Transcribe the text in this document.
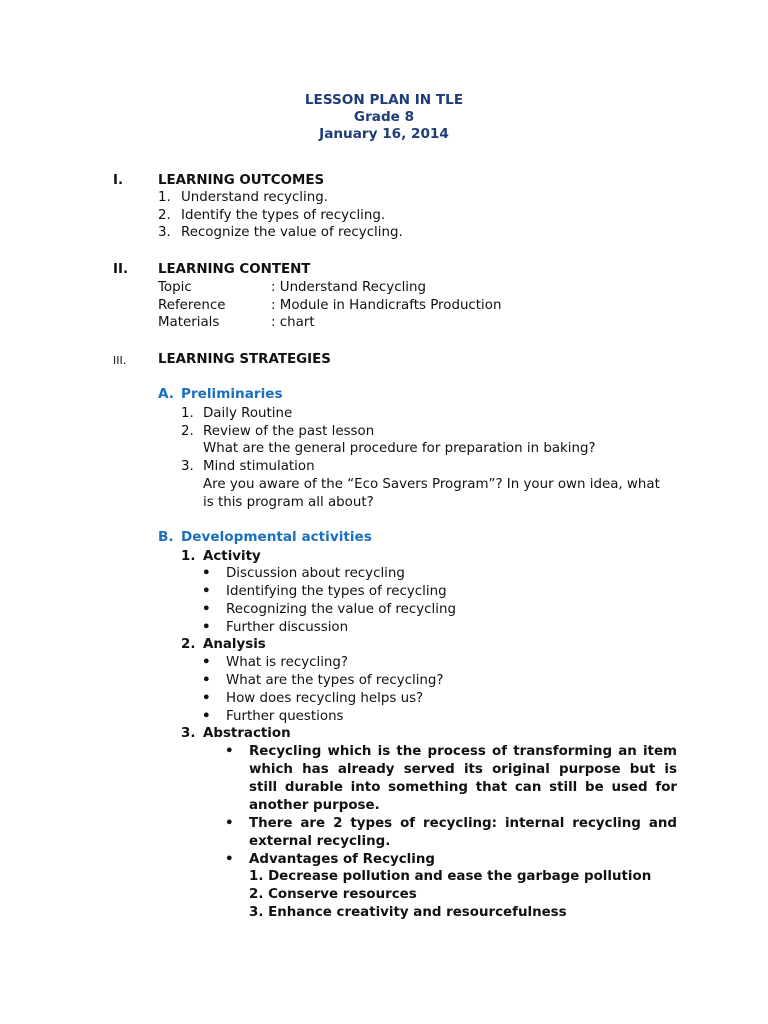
LESSON PLAN IN TLE
Grade 8
January 16, 2014
I.	LEARNING OUTCOMES
1. Understand recycling.
2. Identify the types of recycling.
3. Recognize the value of recycling.
II. LEARNING CONTENT
Topic	: Understand Recycling
Reference	: Module in Handicrafts Production
Materials	: chart
III. LEARNING STRATEGIES
A. Preliminaries
1. Daily Routine
2. Review of the past lesson
What are the general procedure for preparation in baking?
3. Mind stimulation
Are you aware of the “Eco Savers Program”? In your own idea, what
is this program all about?
B. Developmental activities
1. Activity
• Discussion about recycling
• Identifying the types of recycling
• Recognizing the value of recycling
• Further discussion
2. Analysis
• What is recycling?
• What are the types of recycling?
• How does recycling helps us?
• Further questions
3. Abstraction
• Recycling which is the process of transforming an item
which has already served its original purpose but is
still durable into something that can still be used for
another purpose.
• There are 2 types of recycling: internal recycling and
external recycling.
• Advantages of Recycling
1. Decrease pollution and ease the garbage pollution
2. Conserve resources
3. Enhance creativity and resourcefulness
